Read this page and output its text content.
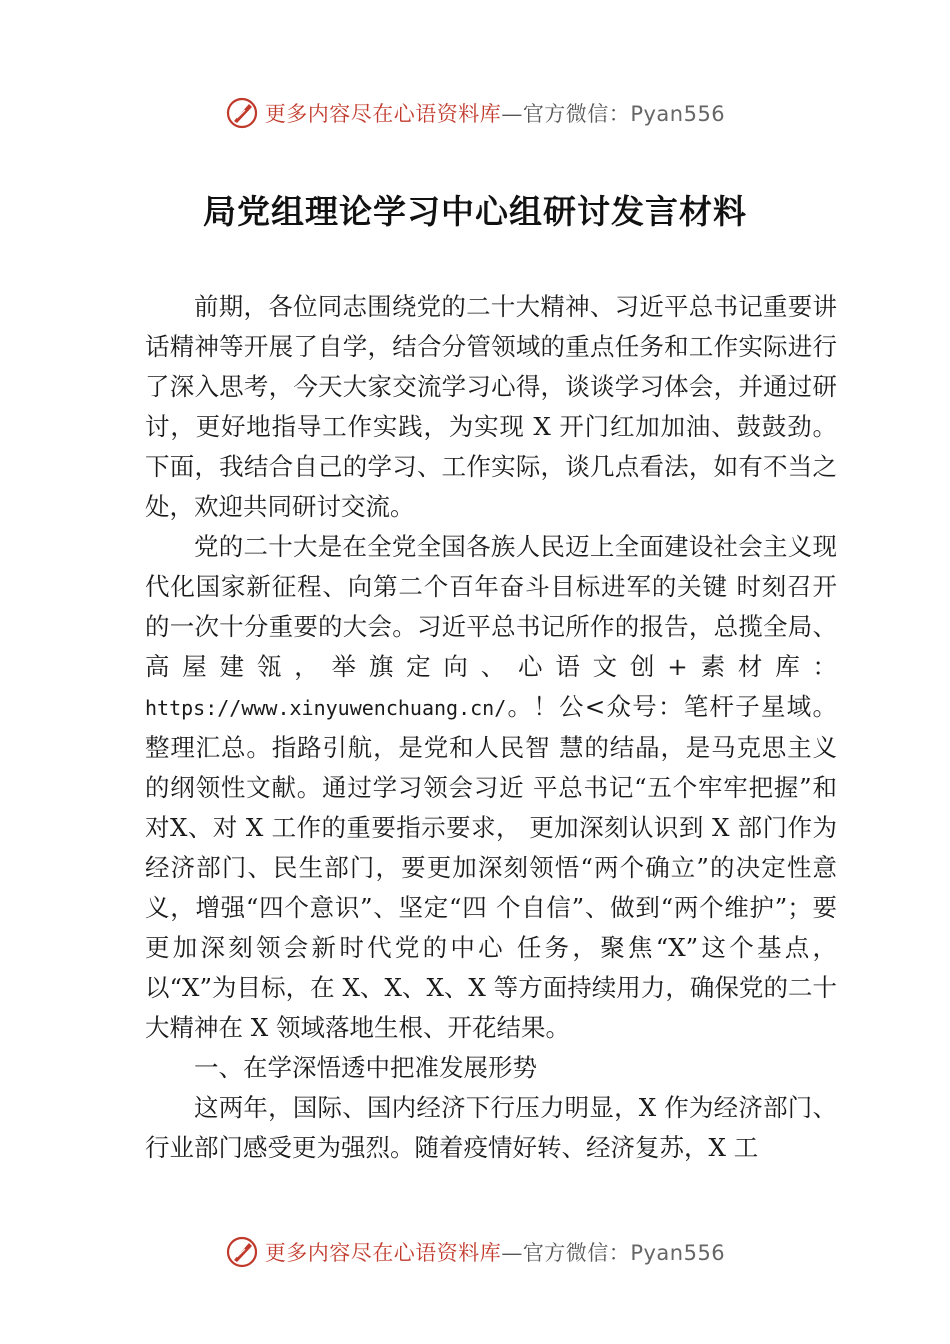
更多内容尽在心语资料库—官方微信：Pyan556
局党组理论学习中心组研讨发言材料

前期，各位同志围绕党的二十大精神、习近平总书记重要讲话精神等开展了自学，结合分管领域的重点任务和工作实际进行了深入思考，今天大家交流学习心得，谈谈学习体会，并通过研讨，更好地指导工作实践，为实现 X 开门红加加油、鼓鼓劲。下面，我结合自己的学习、工作实际，谈几点看法，如有不当之处，欢迎共同研讨交流。

党的二十大是在全党全国各族人民迈上全面建设社会主义现代化国家新征程、向第二个百年奋斗目标进军的关键 时刻召开的一次十分重要的大会。习近平总书记所作的报告，总揽全局、高屋建瓴，举旗定向、心语文创+素材库：https://www.xinyuwenchuang.cn/。！公<众号：笔杆子星域。整理汇总。指路引航，是党和人民智 慧的结晶，是马克思主义的纲领性文献。通过学习领会习近 平总书记“五个牢牢把握”和对X、对 X 工作的重要指示要求， 更加深刻认识到 X 部门作为经济部门、民生部门，要更加深刻领悟“两个确立”的决定性意义，增强“四个意识”、坚定“四 个自信”、做到“两个维护”；要更加深刻领会新时代党的中心 任务，聚焦“X”这个基点，以“X”为目标，在 X、X、X、X 等方面持续用力，确保党的二十大精神在 X 领域落地生根、开花结果。

一、在学深悟透中把准发展形势

这两年，国际、国内经济下行压力明显，X 作为经济部门、行业部门感受更为强烈。随着疫情好转、经济复苏，X 工

更多内容尽在心语资料库—官方微信：Pyan556
